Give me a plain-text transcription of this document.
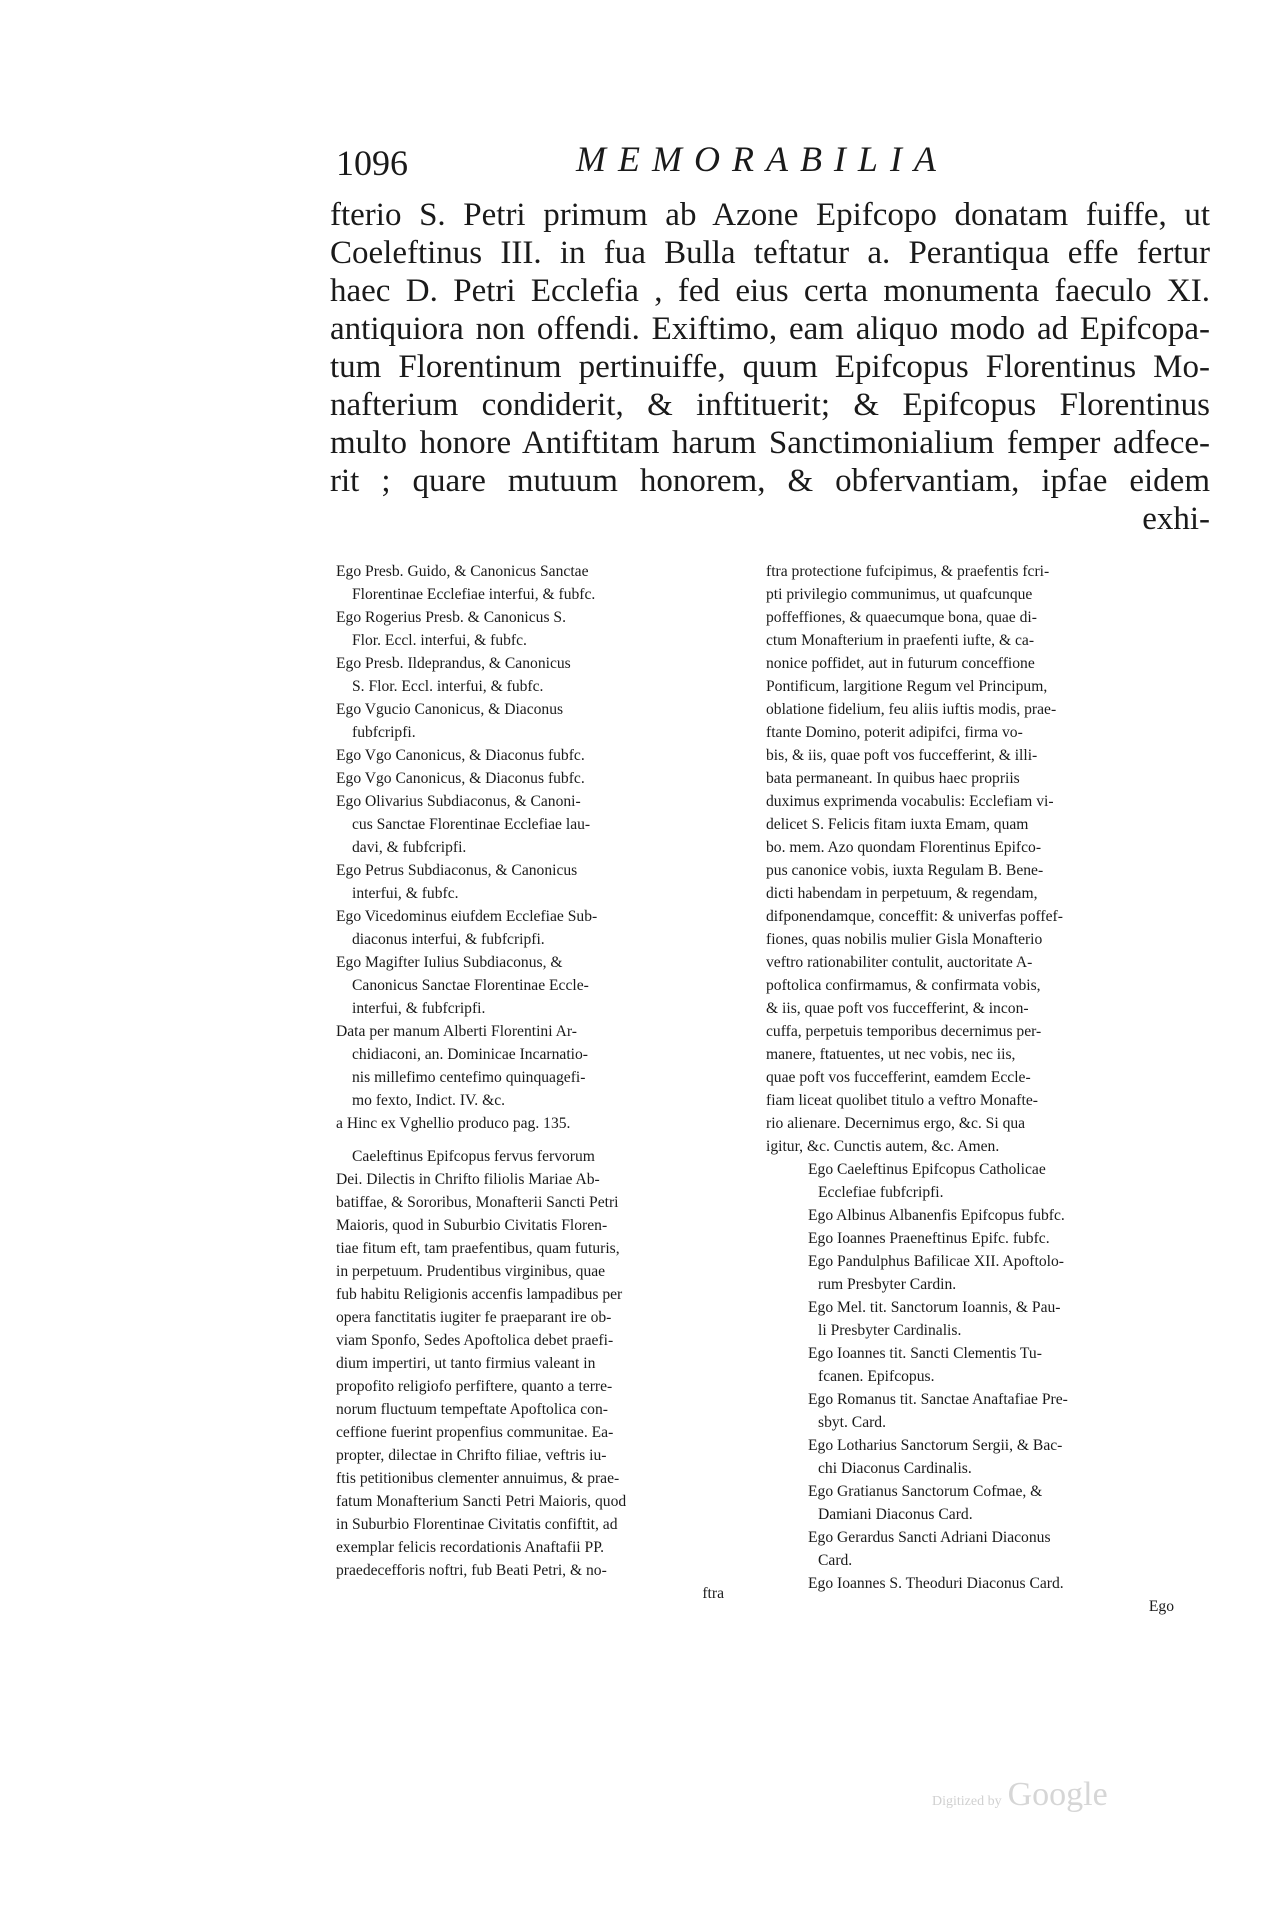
1096	MEMORABILIA
fterio S. Petri primum ab Azone Epifcopo donatam fuiffe, ut
Coeleftinus III. in fua Bulla teftatur a. Perantiqua effe fertur
haec D. Petri Ecclefia , fed eius certa monumenta faeculo XI.
antiquiora non offendi. Exiftimo, eam aliquo modo ad Epifcopa-
tum Florentinum pertinuiffe, quum Epifcopus Florentinus Mo-
nafterium condiderit, & inftituerit; & Epifcopus Florentinus
multo honore Antiftitam harum Sanctimonialium femper adfece-
rit ; quare mutuum honorem, & obfervantiam, ipfae eidem
exhi-
Ego Presb. Guido, & Canonicus Sanctae
Florentinae Ecclefiae interfui, & fubfc.
Ego Rogerius Presb. & Canonicus S.
Flor. Eccl. interfui, & fubfc.
Ego Presb. Ildeprandus, & Canonicus
S. Flor. Eccl. interfui, & fubfc.
Ego Vgucio Canonicus, & Diaconus
fubfcripfi.
Ego Vgo Canonicus, & Diaconus fubfc.
Ego Vgo Canonicus, & Diaconus fubfc.
Ego Olivarius Subdiaconus, & Canoni-
cus Sanctae Florentinae Ecclefiae lau-
davi, & fubfcripfi.
Ego Petrus Subdiaconus, & Canonicus
interfui, & fubfc.
Ego Vicedominus eiufdem Ecclefiae Sub-
diaconus interfui, & fubfcripfi.
Ego Magifter Iulius Subdiaconus, &
Canonicus Sanctae Florentinae Eccle-
interfui, & fubfcripfi.
Data per manum Alberti Florentini Ar-
chidiaconi, an. Dominicae Incarnatio-
nis millefimo centefimo quinquagefi-
mo fexto, Indict. IV. &c.
a Hinc ex Vghellio produco pag. 135.
Caeleftinus Epifcopus fervus fervorum
Dei. Dilectis in Chrifto filiolis Mariae Ab-
batiffae, & Sororibus, Monafterii Sancti Petri
Maioris, quod in Suburbio Civitatis Floren-
tiae fitum eft, tam praefentibus, quam futuris,
in perpetuum. Prudentibus virginibus, quae
fub habitu Religionis accenfis lampadibus per
opera fanctitatis iugiter fe praeparant ire ob-
viam Sponfo, Sedes Apoftolica debet praefi-
dium impertiri, ut tanto firmius valeant in
propofito religiofo perfiftere, quanto a terre-
norum fluctuum tempeftate Apoftolica con-
ceffione fuerint propenfius communitae. Ea-
propter, dilectae in Chrifto filiae, veftris iu-
ftis petitionibus clementer annuimus, & prae-
fatum Monafterium Sancti Petri Maioris, quod
in Suburbio Florentinae Civitatis confiftit, ad
exemplar felicis recordationis Anaftafii PP.
praedecefforis noftri, fub Beati Petri, & no-
ftra
ftra protectione fufcipimus, & praefentis fcri-
pti privilegio communimus, ut quafcunque
poffeffiones, & quaecumque bona, quae di-
ctum Monafterium in praefenti iufte, & ca-
nonice poffidet, aut in futurum conceffione
Pontificum, largitione Regum vel Principum,
oblatione fidelium, feu aliis iuftis modis, prae-
ftante Domino, poterit adipifci, firma vo-
bis, & iis, quae poft vos fuccefferint, & illi-
bata permaneant. In quibus haec propriis
duximus exprimenda vocabulis: Ecclefiam vi-
delicet S. Felicis fitam iuxta Emam, quam
bo. mem. Azo quondam Florentinus Epifco-
pus canonice vobis, iuxta Regulam B. Bene-
dicti habendam in perpetuum, & regendam,
difponendamque, conceffit: & univerfas poffef-
fiones, quas nobilis mulier Gisla Monafterio
veftro rationabiliter contulit, auctoritate A-
poftolica confirmamus, & confirmata vobis,
& iis, quae poft vos fuccefferint, & incon-
cuffa, perpetuis temporibus decernimus per-
manere, ftatuentes, ut nec vobis, nec iis,
quae poft vos fuccefferint, eamdem Eccle-
fiam liceat quolibet titulo a veftro Monafte-
rio alienare. Decernimus ergo, &c. Si qua
igitur, &c. Cunctis autem, &c. Amen.
Ego Caeleftinus Epifcopus Catholicae
Ecclefiae fubfcripfi.
Ego Albinus Albanenfis Epifcopus fubfc.
Ego Ioannes Praeneftinus Epifc. fubfc.
Ego Pandulphus Bafilicae XII. Apoftolo-
rum Presbyter Cardin.
Ego Mel. tit. Sanctorum Ioannis, & Pau-
li Presbyter Cardinalis.
Ego Ioannes tit. Sancti Clementis Tu-
fcanen. Epifcopus.
Ego Romanus tit. Sanctae Anaftafiae Pre-
sbyt. Card.
Ego Lotharius Sanctorum Sergii, & Bac-
chi Diaconus Cardinalis.
Ego Gratianus Sanctorum Cofmae, &
Damiani Diaconus Card.
Ego Gerardus Sancti Adriani Diaconus
Card.
Ego Ioannes S. Theoduri Diaconus Card.
Ego
Digitized by Google
